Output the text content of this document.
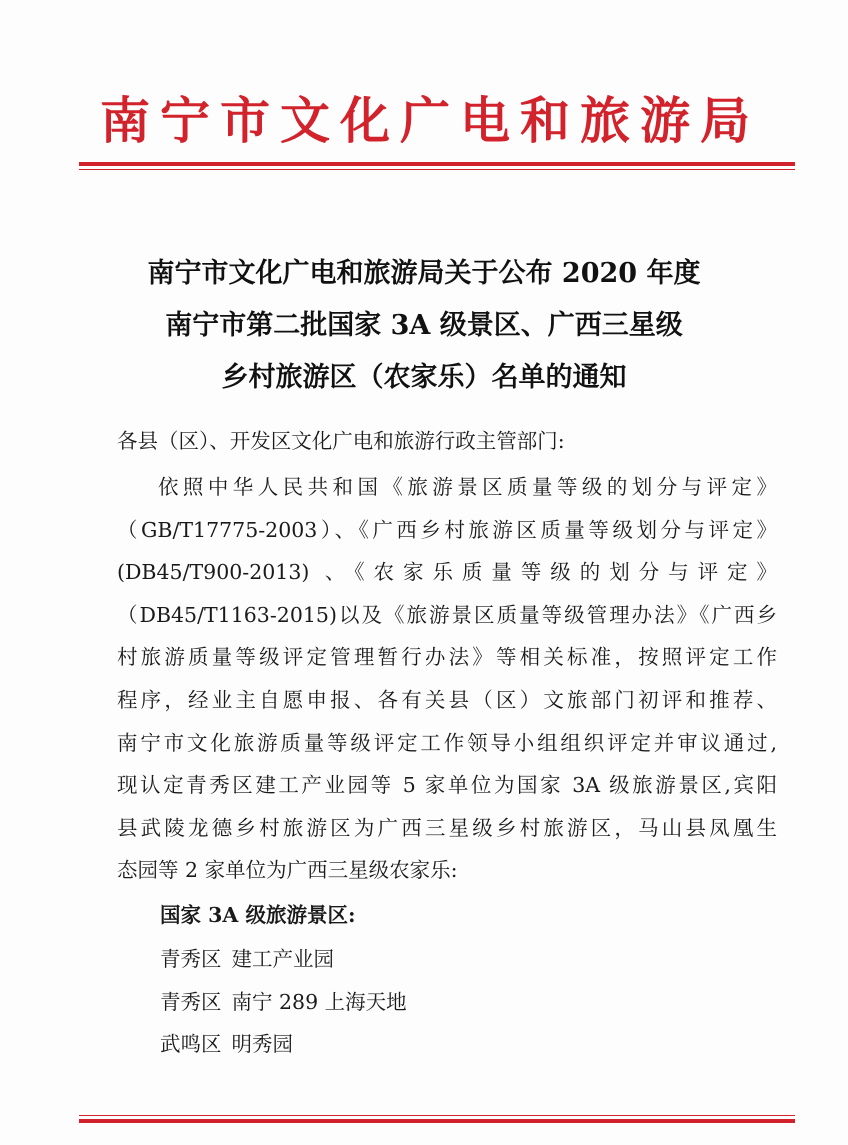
南宁市文化广电和旅游局
南宁市文化广电和旅游局关于公布 2020 年度
南宁市第二批国家 3A 级景区、广西三星级
乡村旅游区（农家乐）名单的通知
各县（区）、开发区文化广电和旅游行政主管部门:
依照中华人民共和国《旅游景区质量等级的划分与评定》
（GB/T17775-2003）、《广西乡村旅游区质量等级划分与评定》
(DB45/T900-2013) 、《农家乐质量等级的划分与评定》
（DB45/T1163-2015)以及《旅游景区质量等级管理办法》《广西乡
村旅游质量等级评定管理暂行办法》等相关标准，按照评定工作
程序，经业主自愿申报、各有关县（区）文旅部门初评和推荐、
南宁市文化旅游质量等级评定工作领导小组组织评定并审议通过,
现认定青秀区建工产业园等 5 家单位为国家 3A 级旅游景区,宾阳
县武陵龙德乡村旅游区为广西三星级乡村旅游区，马山县凤凰生
态园等 2 家单位为广西三星级农家乐:
国家 3A 级旅游景区:
青秀区 建工产业园
青秀区 南宁 289 上海天地
武鸣区 明秀园
